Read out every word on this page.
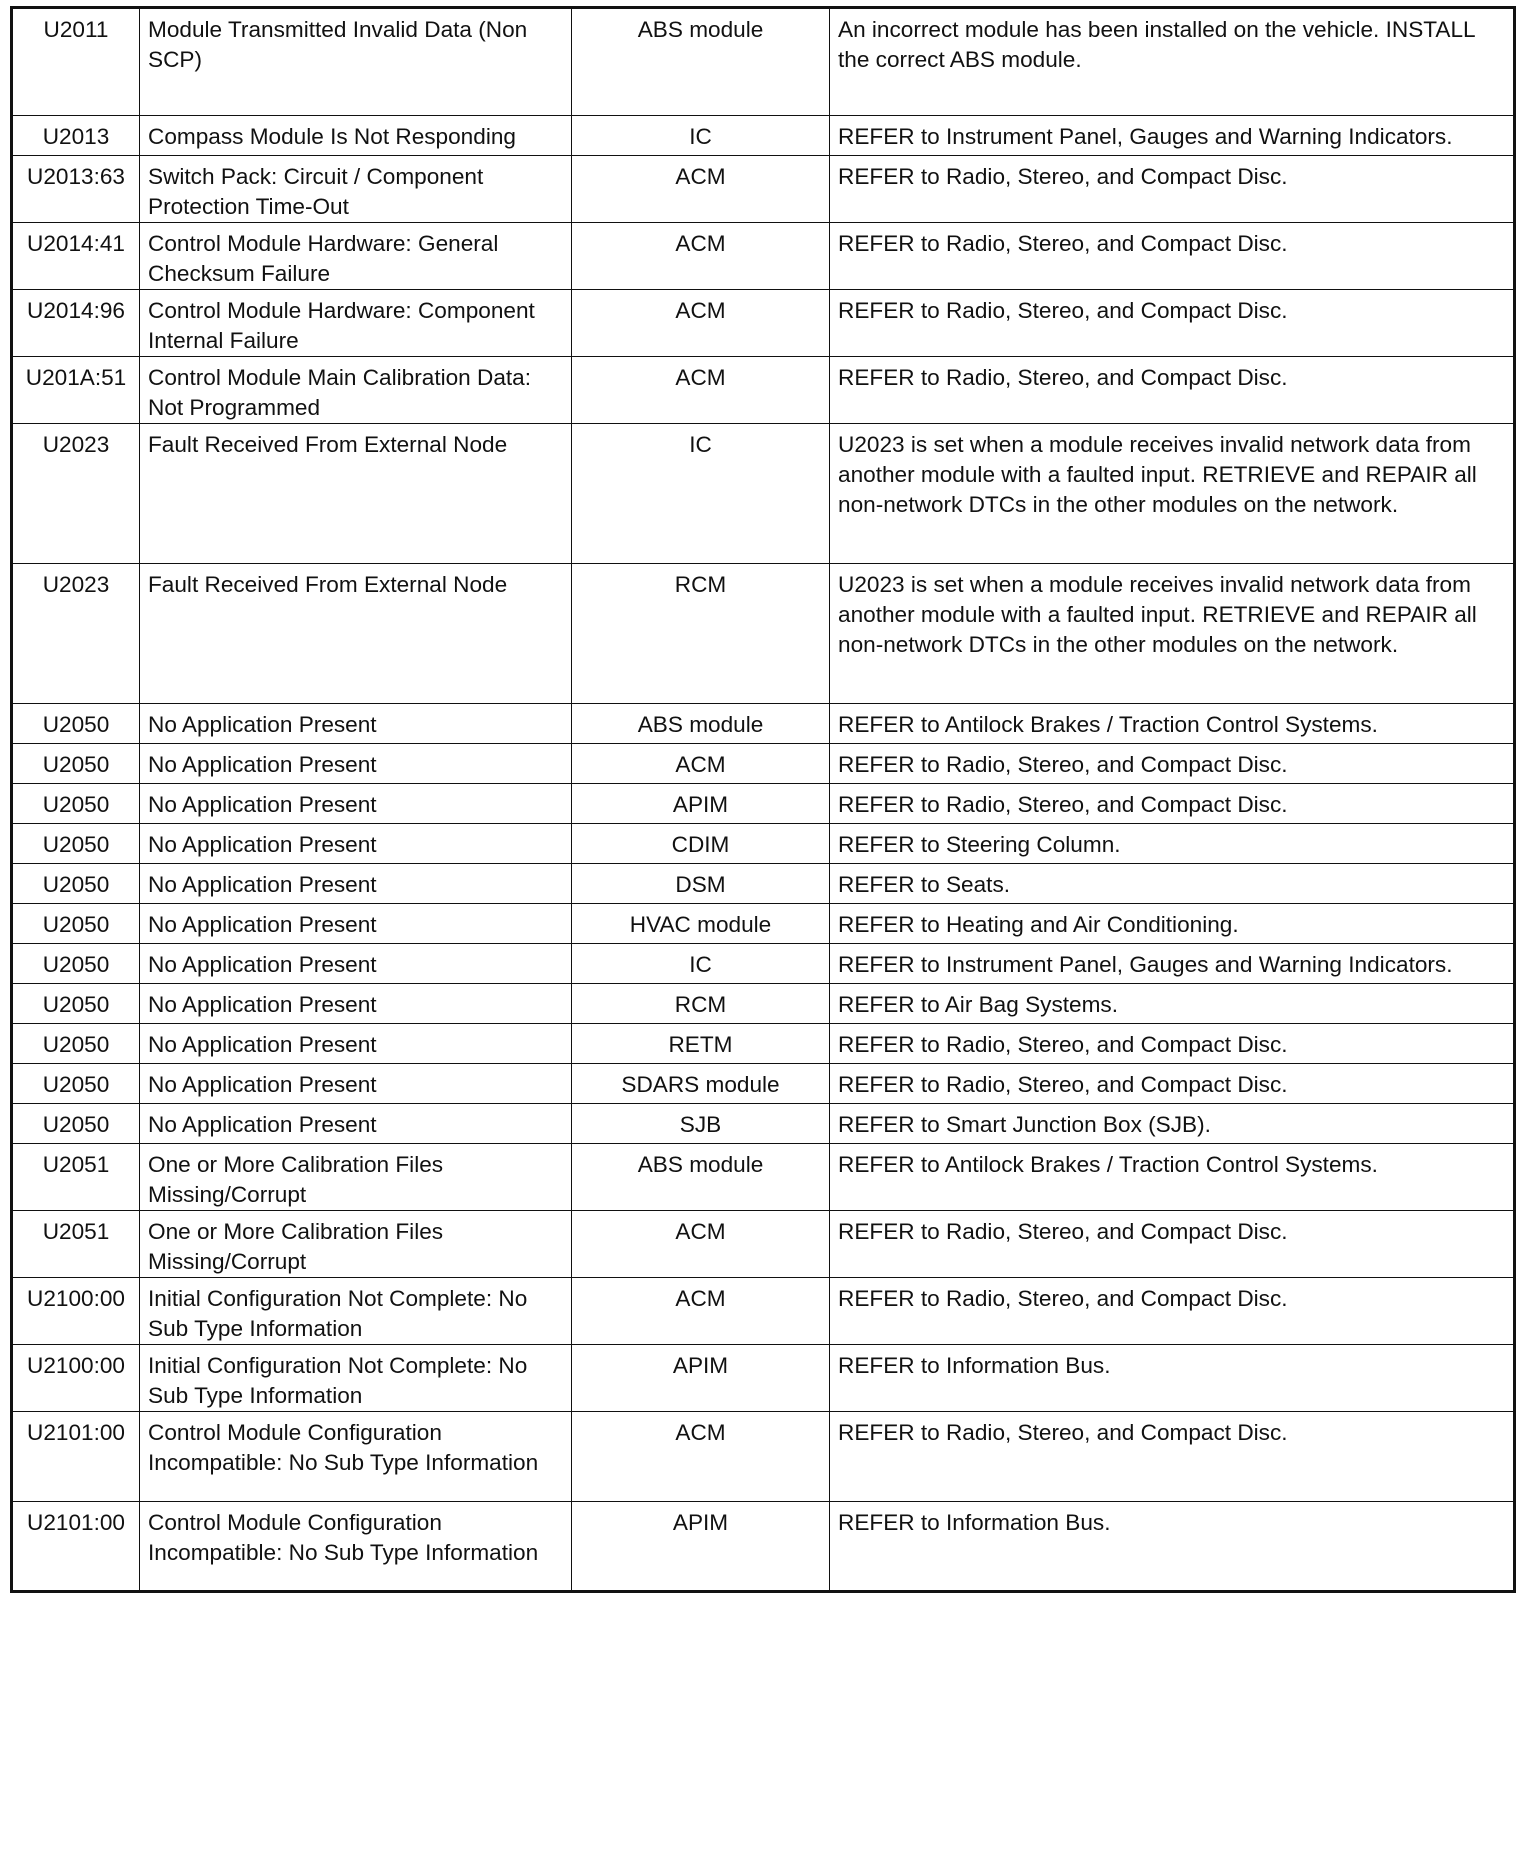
U2011	Module Transmitted Invalid Data (Non SCP)	ABS module	An incorrect module has been installed on the vehicle. INSTALL the correct ABS module.
U2013	Compass Module Is Not Responding	IC	REFER to Instrument Panel, Gauges and Warning Indicators.
U2013:63	Switch Pack: Circuit / Component Protection Time-Out	ACM	REFER to Radio, Stereo, and Compact Disc.
U2014:41	Control Module Hardware: General Checksum Failure	ACM	REFER to Radio, Stereo, and Compact Disc.
U2014:96	Control Module Hardware: Component Internal Failure	ACM	REFER to Radio, Stereo, and Compact Disc.
U201A:51	Control Module Main Calibration Data: Not Programmed	ACM	REFER to Radio, Stereo, and Compact Disc.
U2023	Fault Received From External Node	IC	U2023 is set when a module receives invalid network data from another module with a faulted input. RETRIEVE and REPAIR all non-network DTCs in the other modules on the network.
U2023	Fault Received From External Node	RCM	U2023 is set when a module receives invalid network data from another module with a faulted input. RETRIEVE and REPAIR all non-network DTCs in the other modules on the network.
U2050	No Application Present	ABS module	REFER to Antilock Brakes / Traction Control Systems.
U2050	No Application Present	ACM	REFER to Radio, Stereo, and Compact Disc.
U2050	No Application Present	APIM	REFER to Radio, Stereo, and Compact Disc.
U2050	No Application Present	CDIM	REFER to Steering Column.
U2050	No Application Present	DSM	REFER to Seats.
U2050	No Application Present	HVAC module	REFER to Heating and Air Conditioning.
U2050	No Application Present	IC	REFER to Instrument Panel, Gauges and Warning Indicators.
U2050	No Application Present	RCM	REFER to Air Bag Systems.
U2050	No Application Present	RETM	REFER to Radio, Stereo, and Compact Disc.
U2050	No Application Present	SDARS module	REFER to Radio, Stereo, and Compact Disc.
U2050	No Application Present	SJB	REFER to Smart Junction Box (SJB).
U2051	One or More Calibration Files Missing/Corrupt	ABS module	REFER to Antilock Brakes / Traction Control Systems.
U2051	One or More Calibration Files Missing/Corrupt	ACM	REFER to Radio, Stereo, and Compact Disc.
U2100:00	Initial Configuration Not Complete: No Sub Type Information	ACM	REFER to Radio, Stereo, and Compact Disc.
U2100:00	Initial Configuration Not Complete: No Sub Type Information	APIM	REFER to Information Bus.
U2101:00	Control Module Configuration Incompatible: No Sub Type Information	ACM	REFER to Radio, Stereo, and Compact Disc.
U2101:00	Control Module Configuration Incompatible: No Sub Type Information	APIM	REFER to Information Bus.
